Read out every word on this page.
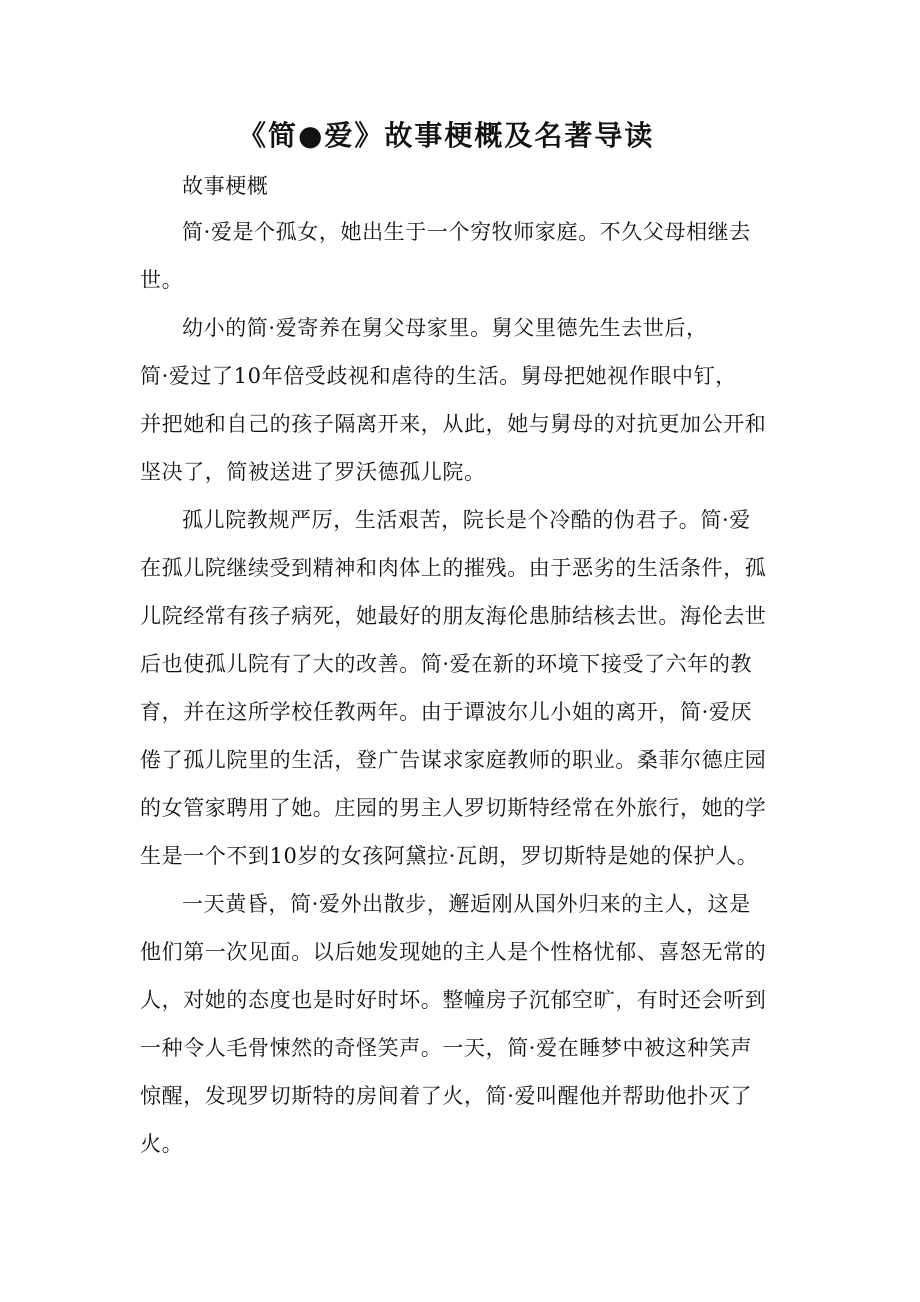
《简●爱》故事梗概及名著导读
故事梗概
简·爱是个孤女，她出生于一个穷牧师家庭。不久父母相继去
世。
幼小的简·爱寄养在舅父母家里。舅父里德先生去世后，
简·爱过了10年倍受歧视和虐待的生活。舅母把她视作眼中钉，
并把她和自己的孩子隔离开来，从此，她与舅母的对抗更加公开和
坚决了，简被送进了罗沃德孤儿院。
孤儿院教规严厉，生活艰苦，院长是个冷酷的伪君子。简·爱
在孤儿院继续受到精神和肉体上的摧残。由于恶劣的生活条件，孤
儿院经常有孩子病死，她最好的朋友海伦患肺结核去世。海伦去世
后也使孤儿院有了大的改善。简·爱在新的环境下接受了六年的教
育，并在这所学校任教两年。由于谭波尔儿小姐的离开，简·爱厌
倦了孤儿院里的生活，登广告谋求家庭教师的职业。桑菲尔德庄园
的女管家聘用了她。庄园的男主人罗切斯特经常在外旅行，她的学
生是一个不到10岁的女孩阿黛拉·瓦朗，罗切斯特是她的保护人。
一天黄昏，简·爱外出散步，邂逅刚从国外归来的主人，这是
他们第一次见面。以后她发现她的主人是个性格忧郁、喜怒无常的
人，对她的态度也是时好时坏。整幢房子沉郁空旷，有时还会听到
一种令人毛骨悚然的奇怪笑声。一天，简·爱在睡梦中被这种笑声
惊醒，发现罗切斯特的房间着了火，简·爱叫醒他并帮助他扑灭了
火。
